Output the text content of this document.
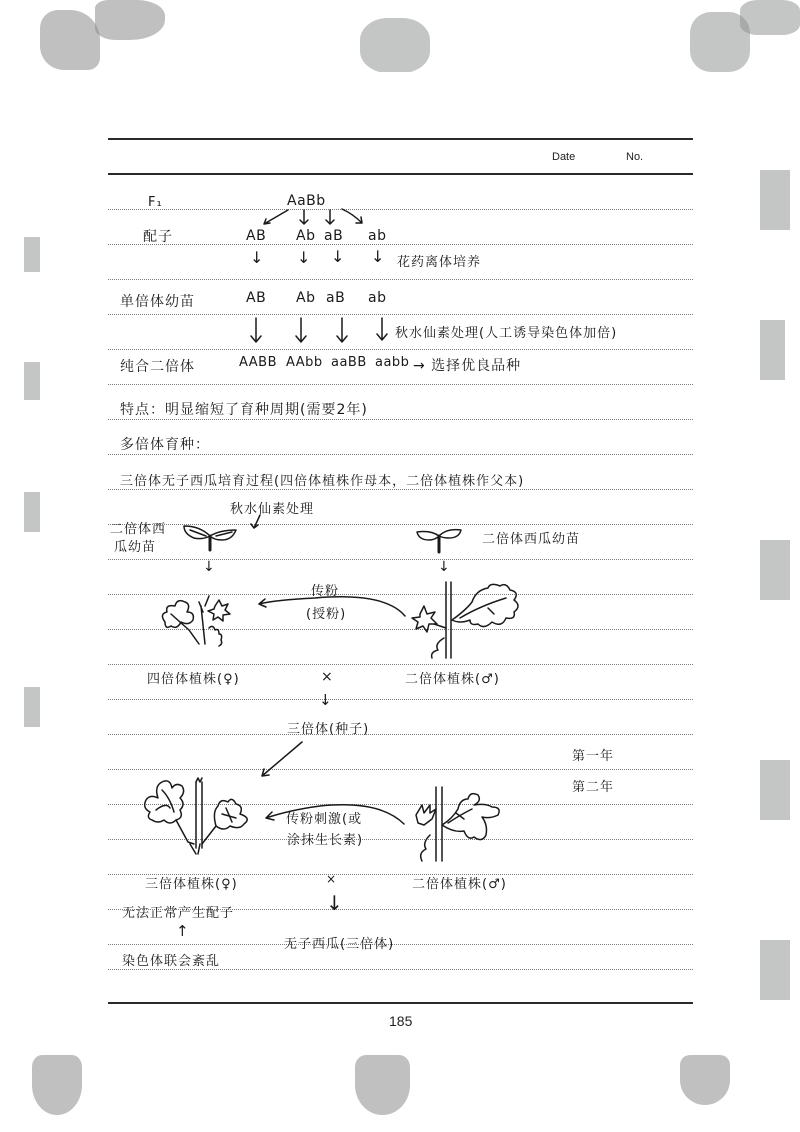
Date	No.
F₁	AaBb
配子	AB Ab aB ab
↓ ↓ ↓ ↓ 花药离体培养
单倍体幼苗	AB Ab aB ab
秋水仙素处理(人工诱导染色体加倍)
纯合二倍体	AABB AAbb aaBB aabb → 选择优良品种
特点：明显缩短了育种周期(需要2年)
多倍体育种：
三倍体无子西瓜培育过程(四倍体植株作母本，二倍体植株作父本)
秋水仙素处理
二倍体西
瓜幼苗
二倍体西瓜幼苗
↓	↓
传粉
(授粉)
四倍体植株(♀)	×	二倍体植株(♂)
↓
三倍体(种子)
第一年
第二年
传粉刺激(或
涂抹生长素)
三倍体植株(♀)	×	二倍体植株(♂)
无法正常产生配子	↓
↑
无子西瓜(三倍体)
染色体联会紊乱
185
